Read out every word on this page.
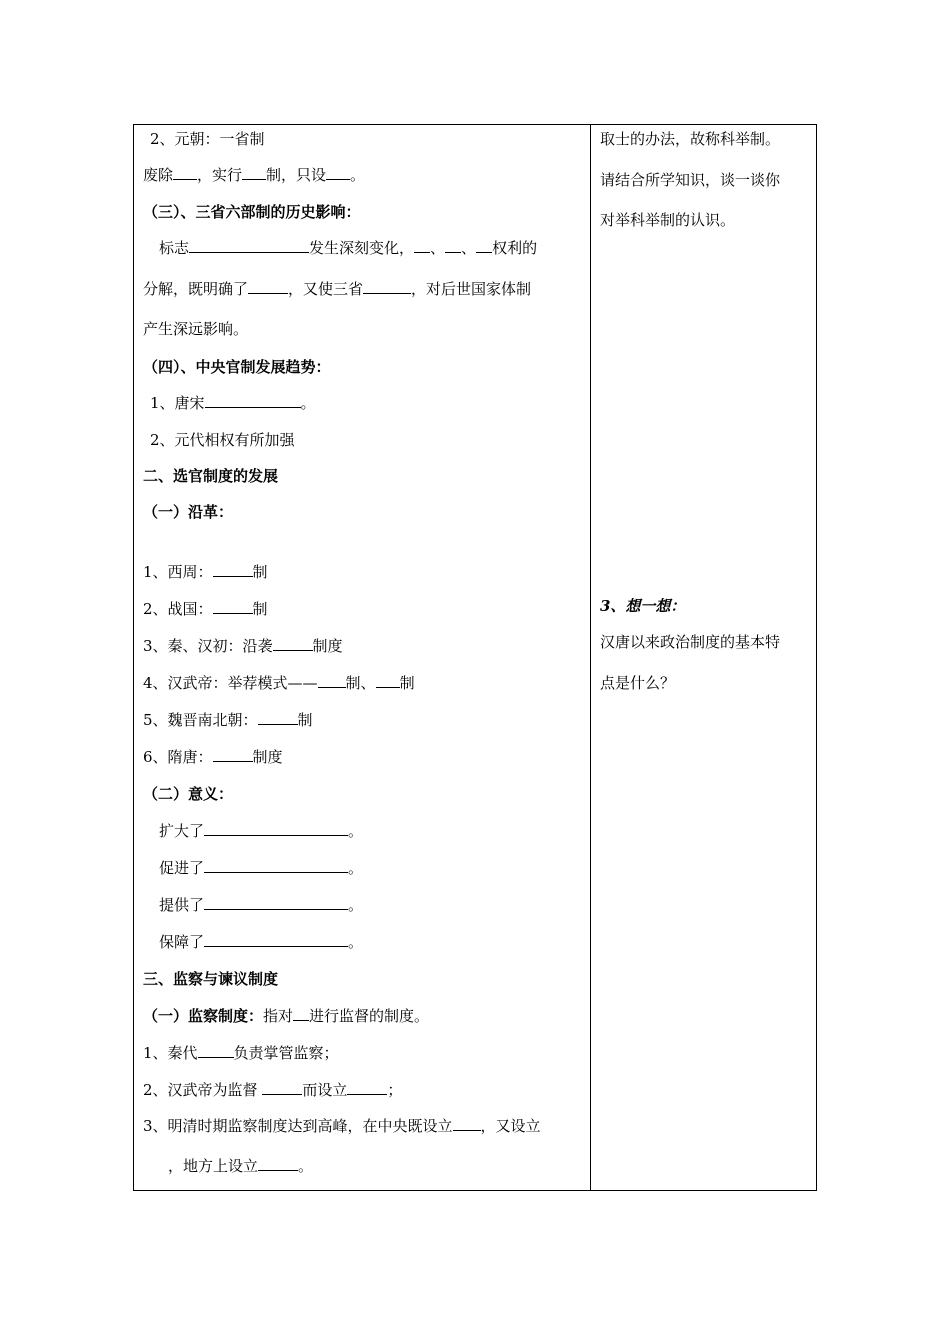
2、元朝：一省制
废除 ，实行 制，只设 。
（三）、三省六部制的历史影响：
标志	发生深刻变化， 、 、 权利的
分解，既明确了	，又使三省	，对后世国家体制
产生深远影响。
（四）、中央官制发展趋势：
1、唐宋	。
2、元代相权有所加强
二、选官制度的发展
（一）沿革：
1、西周：	制
2、战国：	制
3、秦、汉初：沿袭	制度
4、汉武帝：举荐模式—— 制、 制
5、魏晋南北朝：	制
6、隋唐：	制度
（二）意义：
扩大了	。
促进了	。
提供了	。
保障了	。
三、监察与谏议制度
（一）监察制度：指对 进行监督的制度。
1、秦代 负责掌管监察；
2、汉武帝为监督	而设立	；
3、明清时期监察制度达到高峰，在中央既设立 ，又设立
，地方上设立	。
取士的办法，故称科举制。
请结合所学知识，谈一谈你
对举科举制的认识。
3、想一想：
汉唐以来政治制度的基本特
点是什么？
